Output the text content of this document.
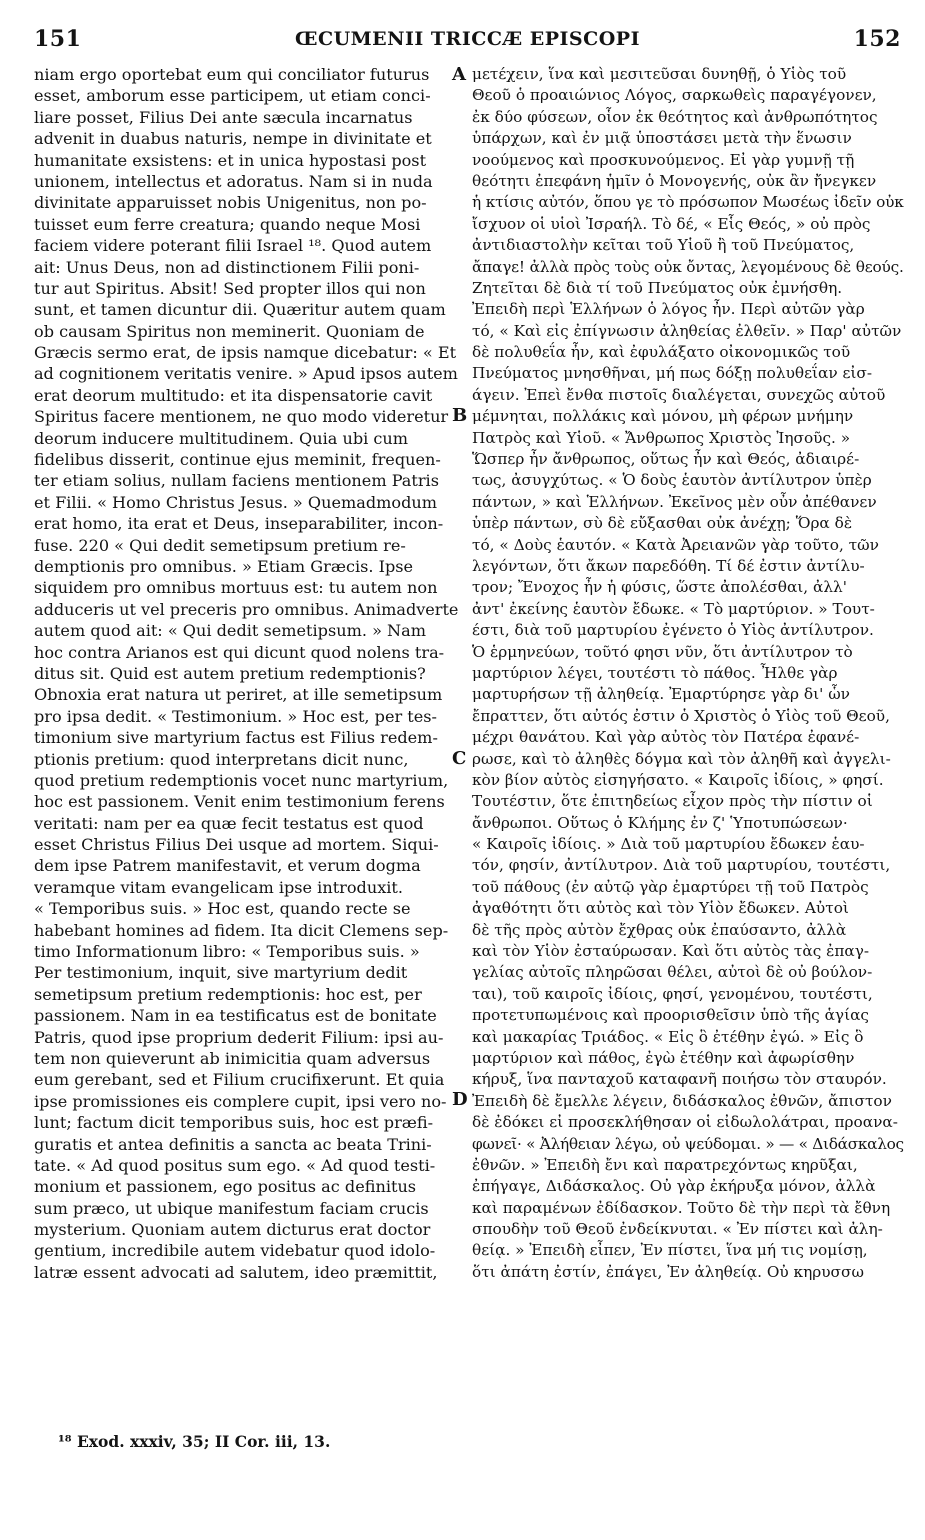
151	ŒCUMENII TRICCÆ EPISCOPI	152
niam ergo oportebat eum qui conciliator futurus
esset, amborum esse participem, ut etiam conci-
liare posset, Filius Dei ante sæcula incarnatus
advenit in duabus naturis, nempe in divinitate et
humanitate exsistens: et in unica hypostasi post
unionem, intellectus et adoratus. Nam si in nuda
divinitate apparuisset nobis Unigenitus, non po-
tuisset eum ferre creatura; quando neque Mosi
faciem videre poterant filii Israel ¹⁸. Quod autem
ait: Unus Deus, non ad distinctionem Filii poni-
tur aut Spiritus. Absit! Sed propter illos qui non
sunt, et tamen dicuntur dii. Quæritur autem quam
ob causam Spiritus non meminerit. Quoniam de
Græcis sermo erat, de ipsis namque dicebatur: « Et
ad cognitionem veritatis venire. » Apud ipsos autem
erat deorum multitudo: et ita dispensatorie cavit
Spiritus facere mentionem, ne quo modo videretur
deorum inducere multitudinem. Quia ubi cum
fidelibus disserit, continue ejus meminit, frequen-
ter etiam solius, nullam faciens mentionem Patris
et Filii. « Homo Christus Jesus. » Quemadmodum
erat homo, ita erat et Deus, inseparabiliter, incon-
fuse. 220 « Qui dedit semetipsum pretium re-
demptionis pro omnibus. » Etiam Græcis. Ipse
siquidem pro omnibus mortuus est: tu autem non
adduceris ut vel preceris pro omnibus. Animadverte
autem quod ait: « Qui dedit semetipsum. » Nam
hoc contra Arianos est qui dicunt quod nolens tra-
ditus sit. Quid est autem pretium redemptionis?
Obnoxia erat natura ut periret, at ille semetipsum
pro ipsa dedit. « Testimonium. » Hoc est, per tes-
timonium sive martyrium factus est Filius redem-
ptionis pretium: quod interpretans dicit nunc,
quod pretium redemptionis vocet nunc martyrium,
hoc est passionem. Venit enim testimonium ferens
veritati: nam per ea quæ fecit testatus est quod
esset Christus Filius Dei usque ad mortem. Siqui-
dem ipse Patrem manifestavit, et verum dogma
veramque vitam evangelicam ipse introduxit.
« Temporibus suis. » Hoc est, quando recte se
habebant homines ad fidem. Ita dicit Clemens sep-
timo Informationum libro: « Temporibus suis. »
Per testimonium, inquit, sive martyrium dedit
semetipsum pretium redemptionis: hoc est, per
passionem. Nam in ea testificatus est de bonitate
Patris, quod ipse proprium dederit Filium: ipsi au-
tem non quieverunt ab inimicitia quam adversus
eum gerebant, sed et Filium crucifixerunt. Et quia
ipse promissiones eis complere cupit, ipsi vero no-
lunt; factum dicit temporibus suis, hoc est præfi-
guratis et antea definitis a sancta ac beata Trini-
tate. « Ad quod positus sum ego. « Ad quod testi-
monium et passionem, ego positus ac definitus
sum præco, ut ubique manifestum faciam crucis
mysterium. Quoniam autem dicturus erat doctor
gentium, incredibile autem videbatur quod idolo-
latræ essent advocati ad salutem, ideo præmittit,
μετέχειν, ἵνα καὶ μεσιτεῦσαι δυνηθῇ, ὁ Υἱὸς τοῦ
Θεοῦ ὁ προαιώνιος Λόγος, σαρκωθεὶς παραγέγονεν,
ἐκ δύο φύσεων, οἷον ἐκ θεότητος καὶ ἀνθρωπότητος
ὑπάρχων, καὶ ἐν μιᾷ ὑποστάσει μετὰ τὴν ἕνωσιν
νοούμενος καὶ προσκυνούμενος. Εἰ γὰρ γυμνῇ τῇ
θεότητι ἐπεφάνη ἡμῖν ὁ Μονογενής, οὐκ ἂν ἤνεγκεν
ἡ κτίσις αὐτόν, ὅπου γε τὸ πρόσωπον Μωσέως ἰδεῖν οὐκ
ἴσχυον οἱ υἱοὶ Ἰσραήλ. Τὸ δέ, « Εἷς Θεός, » οὐ πρὸς
ἀντιδιαστολὴν κεῖται τοῦ Υἱοῦ ἢ τοῦ Πνεύματος,
ἄπαγε! ἀλλὰ πρὸς τοὺς οὐκ ὄντας, λεγομένους δὲ θεούς.
Ζητεῖται δὲ διὰ τί τοῦ Πνεύματος οὐκ ἐμνήσθη.
Ἐπειδὴ περὶ Ἑλλήνων ὁ λόγος ἦν. Περὶ αὐτῶν γὰρ
τό, « Καὶ εἰς ἐπίγνωσιν ἀληθείας ἐλθεῖν. » Παρ' αὐτῶν
δὲ πολυθεΐα ἦν, καὶ ἐφυλάξατο οἰκονομικῶς τοῦ
Πνεύματος μνησθῆναι, μή πως δόξῃ πολυθεΐαν εἰσ-
άγειν. Ἐπεὶ ἔνθα πιστοῖς διαλέγεται, συνεχῶς αὐτοῦ
μέμνηται, πολλάκις καὶ μόνου, μὴ φέρων μνήμην
Πατρὸς καὶ Υἱοῦ. « Ἄνθρωπος Χριστὸς Ἰησοῦς. »
Ὥσπερ ἦν ἄνθρωπος, οὕτως ἦν καὶ Θεός, ἀδιαιρέ-
τως, ἀσυγχύτως. « Ὁ δοὺς ἑαυτὸν ἀντίλυτρον ὑπὲρ
πάντων, » καὶ Ἑλλήνων. Ἐκεῖνος μὲν οὖν ἀπέθανεν
ὑπὲρ πάντων, σὺ δὲ εὔξασθαι οὐκ ἀνέχῃ; Ὅρα δὲ
τό, « Δοὺς ἑαυτόν. « Κατὰ Ἀρειανῶν γὰρ τοῦτο, τῶν
λεγόντων, ὅτι ἄκων παρεδόθη. Τί δέ ἐστιν ἀντίλυ-
τρον; Ἔνοχος ἦν ἡ φύσις, ὥστε ἀπολέσθαι, ἀλλ'
ἀντ' ἐκείνης ἑαυτὸν ἔδωκε. « Τὸ μαρτύριον. » Τουτ-
έστι, διὰ τοῦ μαρτυρίου ἐγένετο ὁ Υἱὸς ἀντίλυτρον.
Ὁ ἑρμηνεύων, τοῦτό φησι νῦν, ὅτι ἀντίλυτρον τὸ
μαρτύριον λέγει, τουτέστι τὸ πάθος. Ἦλθε γὰρ
μαρτυρήσων τῇ ἀληθείᾳ. Ἐμαρτύρησε γὰρ δι' ὧν
ἔπραττεν, ὅτι αὐτός ἐστιν ὁ Χριστὸς ὁ Υἱὸς τοῦ Θεοῦ,
μέχρι θανάτου. Καὶ γὰρ αὐτὸς τὸν Πατέρα ἐφανέ-
ρωσε, καὶ τὸ ἀληθὲς δόγμα καὶ τὸν ἀληθῆ καὶ ἀγγελι-
κὸν βίον αὐτὸς εἰσηγήσατο. « Καιροῖς ἰδίοις, » φησί.
Τουτέστιν, ὅτε ἐπιτηδείως εἶχον πρὸς τὴν πίστιν οἱ
ἄνθρωποι. Οὕτως ὁ Κλήμης ἐν ζ' Ὑποτυπώσεων·
« Καιροῖς ἰδίοις. » Διὰ τοῦ μαρτυρίου ἔδωκεν ἑαυ-
τόν, φησίν, ἀντίλυτρον. Διὰ τοῦ μαρτυρίου, τουτέστι,
τοῦ πάθους (ἐν αὐτῷ γὰρ ἐμαρτύρει τῇ τοῦ Πατρὸς
ἀγαθότητι ὅτι αὐτὸς καὶ τὸν Υἱὸν ἔδωκεν. Αὐτοὶ
δὲ τῆς πρὸς αὐτὸν ἔχθρας οὐκ ἐπαύσαντο, ἀλλὰ
καὶ τὸν Υἱὸν ἐσταύρωσαν. Καὶ ὅτι αὐτὸς τὰς ἐπαγ-
γελίας αὐτοῖς πληρῶσαι θέλει, αὐτοὶ δὲ οὐ βούλον-
ται), τοῦ καιροῖς ἰδίοις, φησί, γενομένου, τουτέστι,
προτετυπωμένοις καὶ προορισθεῖσιν ὑπὸ τῆς ἁγίας
καὶ μακαρίας Τριάδος. « Εἰς ὃ ἐτέθην ἐγώ. » Εἰς ὃ
μαρτύριον καὶ πάθος, ἐγὼ ἐτέθην καὶ ἀφωρίσθην
κήρυξ, ἵνα πανταχοῦ καταφανῆ ποιήσω τὸν σταυρόν.
Ἐπειδὴ δὲ ἔμελλε λέγειν, διδάσκαλος ἐθνῶν, ἄπιστον
δὲ ἐδόκει εἰ προσεκλήθησαν οἱ εἰδωλολάτραι, προανα-
φωνεῖ· « Ἀλήθειαν λέγω, οὐ ψεύδομαι. » — « Διδάσκαλος
ἐθνῶν. » Ἐπειδὴ ἔνι καὶ παρατρεχόντως κηρῦξαι,
ἐπήγαγε, Διδάσκαλος. Οὐ γὰρ ἐκήρυξα μόνον, ἀλλὰ
καὶ παραμένων ἐδίδασκον. Τοῦτο δὲ τὴν περὶ τὰ ἔθνη
σπουδὴν τοῦ Θεοῦ ἐνδείκνυται. « Ἐν πίστει καὶ ἀλη-
θείᾳ. » Ἐπειδὴ εἶπεν, Ἐν πίστει, ἵνα μή τις νομίσῃ,
ὅτι ἀπάτη ἐστίν, ἐπάγει, Ἐν ἀληθείᾳ. Οὐ κηρυσσω
A
B
C
D
¹⁸ Exod. xxxiv, 35; II Cor. iii, 13.
